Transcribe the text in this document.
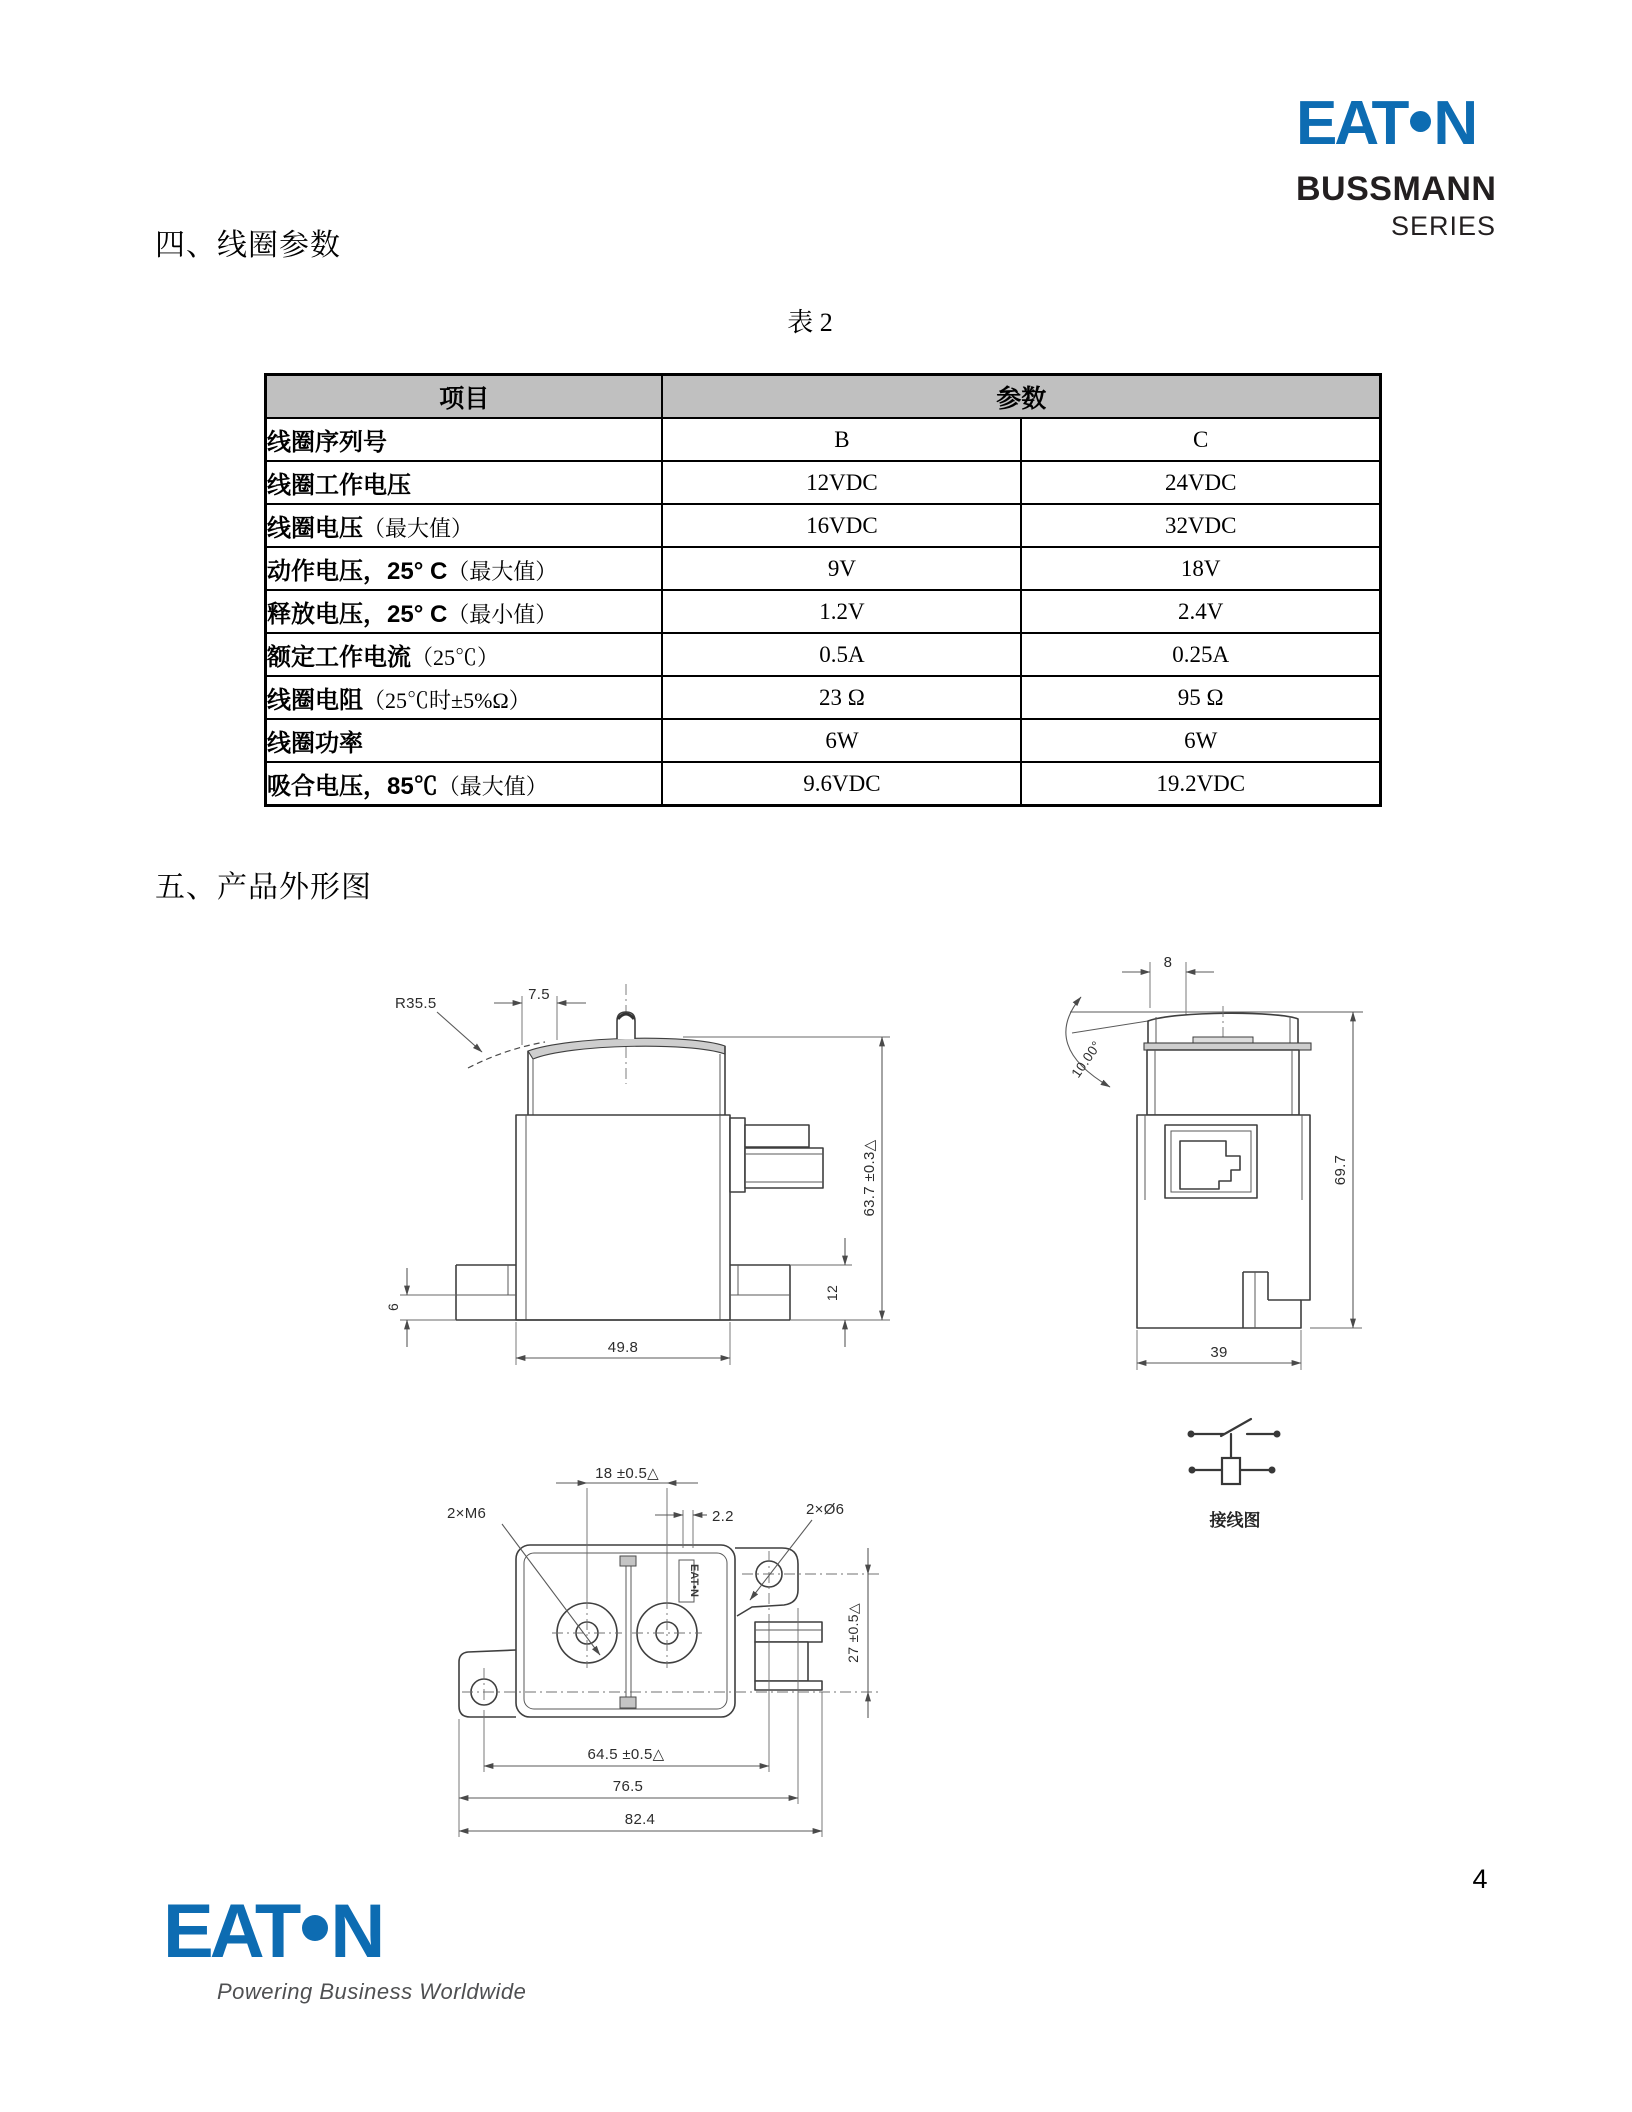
EAT N
BUSSMANN
SERIES
四、线圈参数
表 2
项目	参数	
线圈序列号	B	C
线圈工作电压	12VDC	24VDC
线圈电压（最大值）	16VDC	32VDC
动作电压，25° C（最大值）	9V	18V
释放电压，25° C（最小值）	1.2V	2.4V
额定工作电流（25℃）	0.5A	0.25A
线圈电阻（25℃时±5%Ω）	23 Ω	95 Ω
线圈功率	6W	6W
吸合电压，85℃（最大值）	9.6VDC	19.2VDC
五、产品外形图
R35.5
7.5
63.7 ±0.3△
6
12
49.8
10.00°
8
69.7
39
EAT•N
18 ±0.5△
2.2
2×M6	2×Ø6
27 ±0.5△
64.5 ±0.5△
76.5
82.4
接线图
4
EAT N
Powering Business Worldwide
